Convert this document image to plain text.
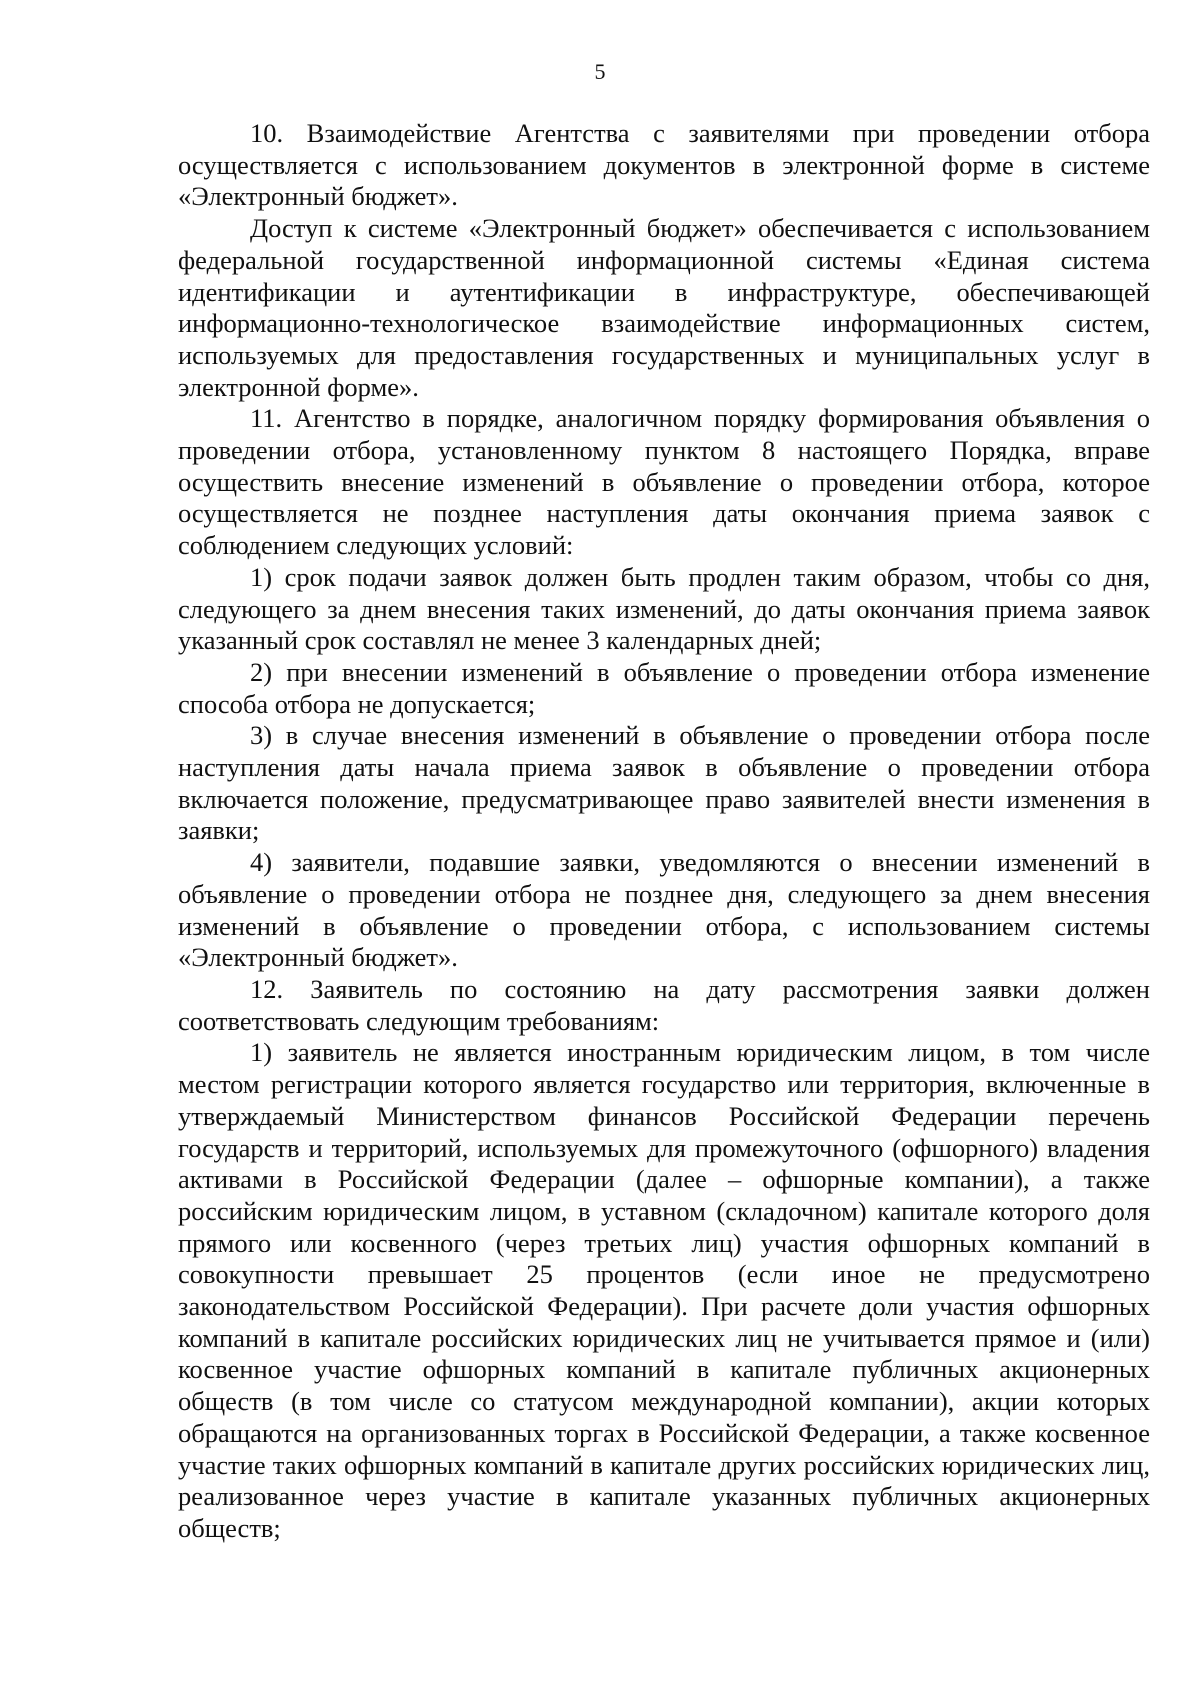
5

10. Взаимодействие Агентства с заявителями при проведении отбора осуществляется с использованием документов в электронной форме в системе «Электронный бюджет».

Доступ к системе «Электронный бюджет» обеспечивается с использованием федеральной государственной информационной системы «Единая система идентификации и аутентификации в инфраструктуре, обеспечивающей информационно-технологическое взаимодействие информационных систем, используемых для предоставления государственных и муниципальных услуг в электронной форме».

11. Агентство в порядке, аналогичном порядку формирования объявления о проведении отбора, установленному пунктом 8 настоящего Порядка, вправе осуществить внесение изменений в объявление о проведении отбора, которое осуществляется не позднее наступления даты окончания приема заявок с соблюдением следующих условий:

1) срок подачи заявок должен быть продлен таким образом, чтобы со дня, следующего за днем внесения таких изменений, до даты окончания приема заявок указанный срок составлял не менее 3 календарных дней;

2) при внесении изменений в объявление о проведении отбора изменение способа отбора не допускается;

3) в случае внесения изменений в объявление о проведении отбора после наступления даты начала приема заявок в объявление о проведении отбора включается положение, предусматривающее право заявителей внести изменения в заявки;

4) заявители, подавшие заявки, уведомляются о внесении изменений в объявление о проведении отбора не позднее дня, следующего за днем внесения изменений в объявление о проведении отбора, с использованием системы «Электронный бюджет».

12. Заявитель по состоянию на дату рассмотрения заявки должен соответствовать следующим требованиям:

1) заявитель не является иностранным юридическим лицом, в том числе местом регистрации которого является государство или территория, включенные в утверждаемый Министерством финансов Российской Федерации перечень государств и территорий, используемых для промежуточного (офшорного) владения активами в Российской Федерации (далее – офшорные компании), а также российским юридическим лицом, в уставном (складочном) капитале которого доля прямого или косвенного (через третьих лиц) участия офшорных компаний в совокупности превышает 25 процентов (если иное не предусмотрено законодательством Российской Федерации). При расчете доли участия офшорных компаний в капитале российских юридических лиц не учитывается прямое и (или) косвенное участие офшорных компаний в капитале публичных акционерных обществ (в том числе со статусом международной компании), акции которых обращаются на организованных торгах в Российской Федерации, а также косвенное участие таких офшорных компаний в капитале других российских юридических лиц, реализованное через участие в капитале указанных публичных акционерных обществ;
